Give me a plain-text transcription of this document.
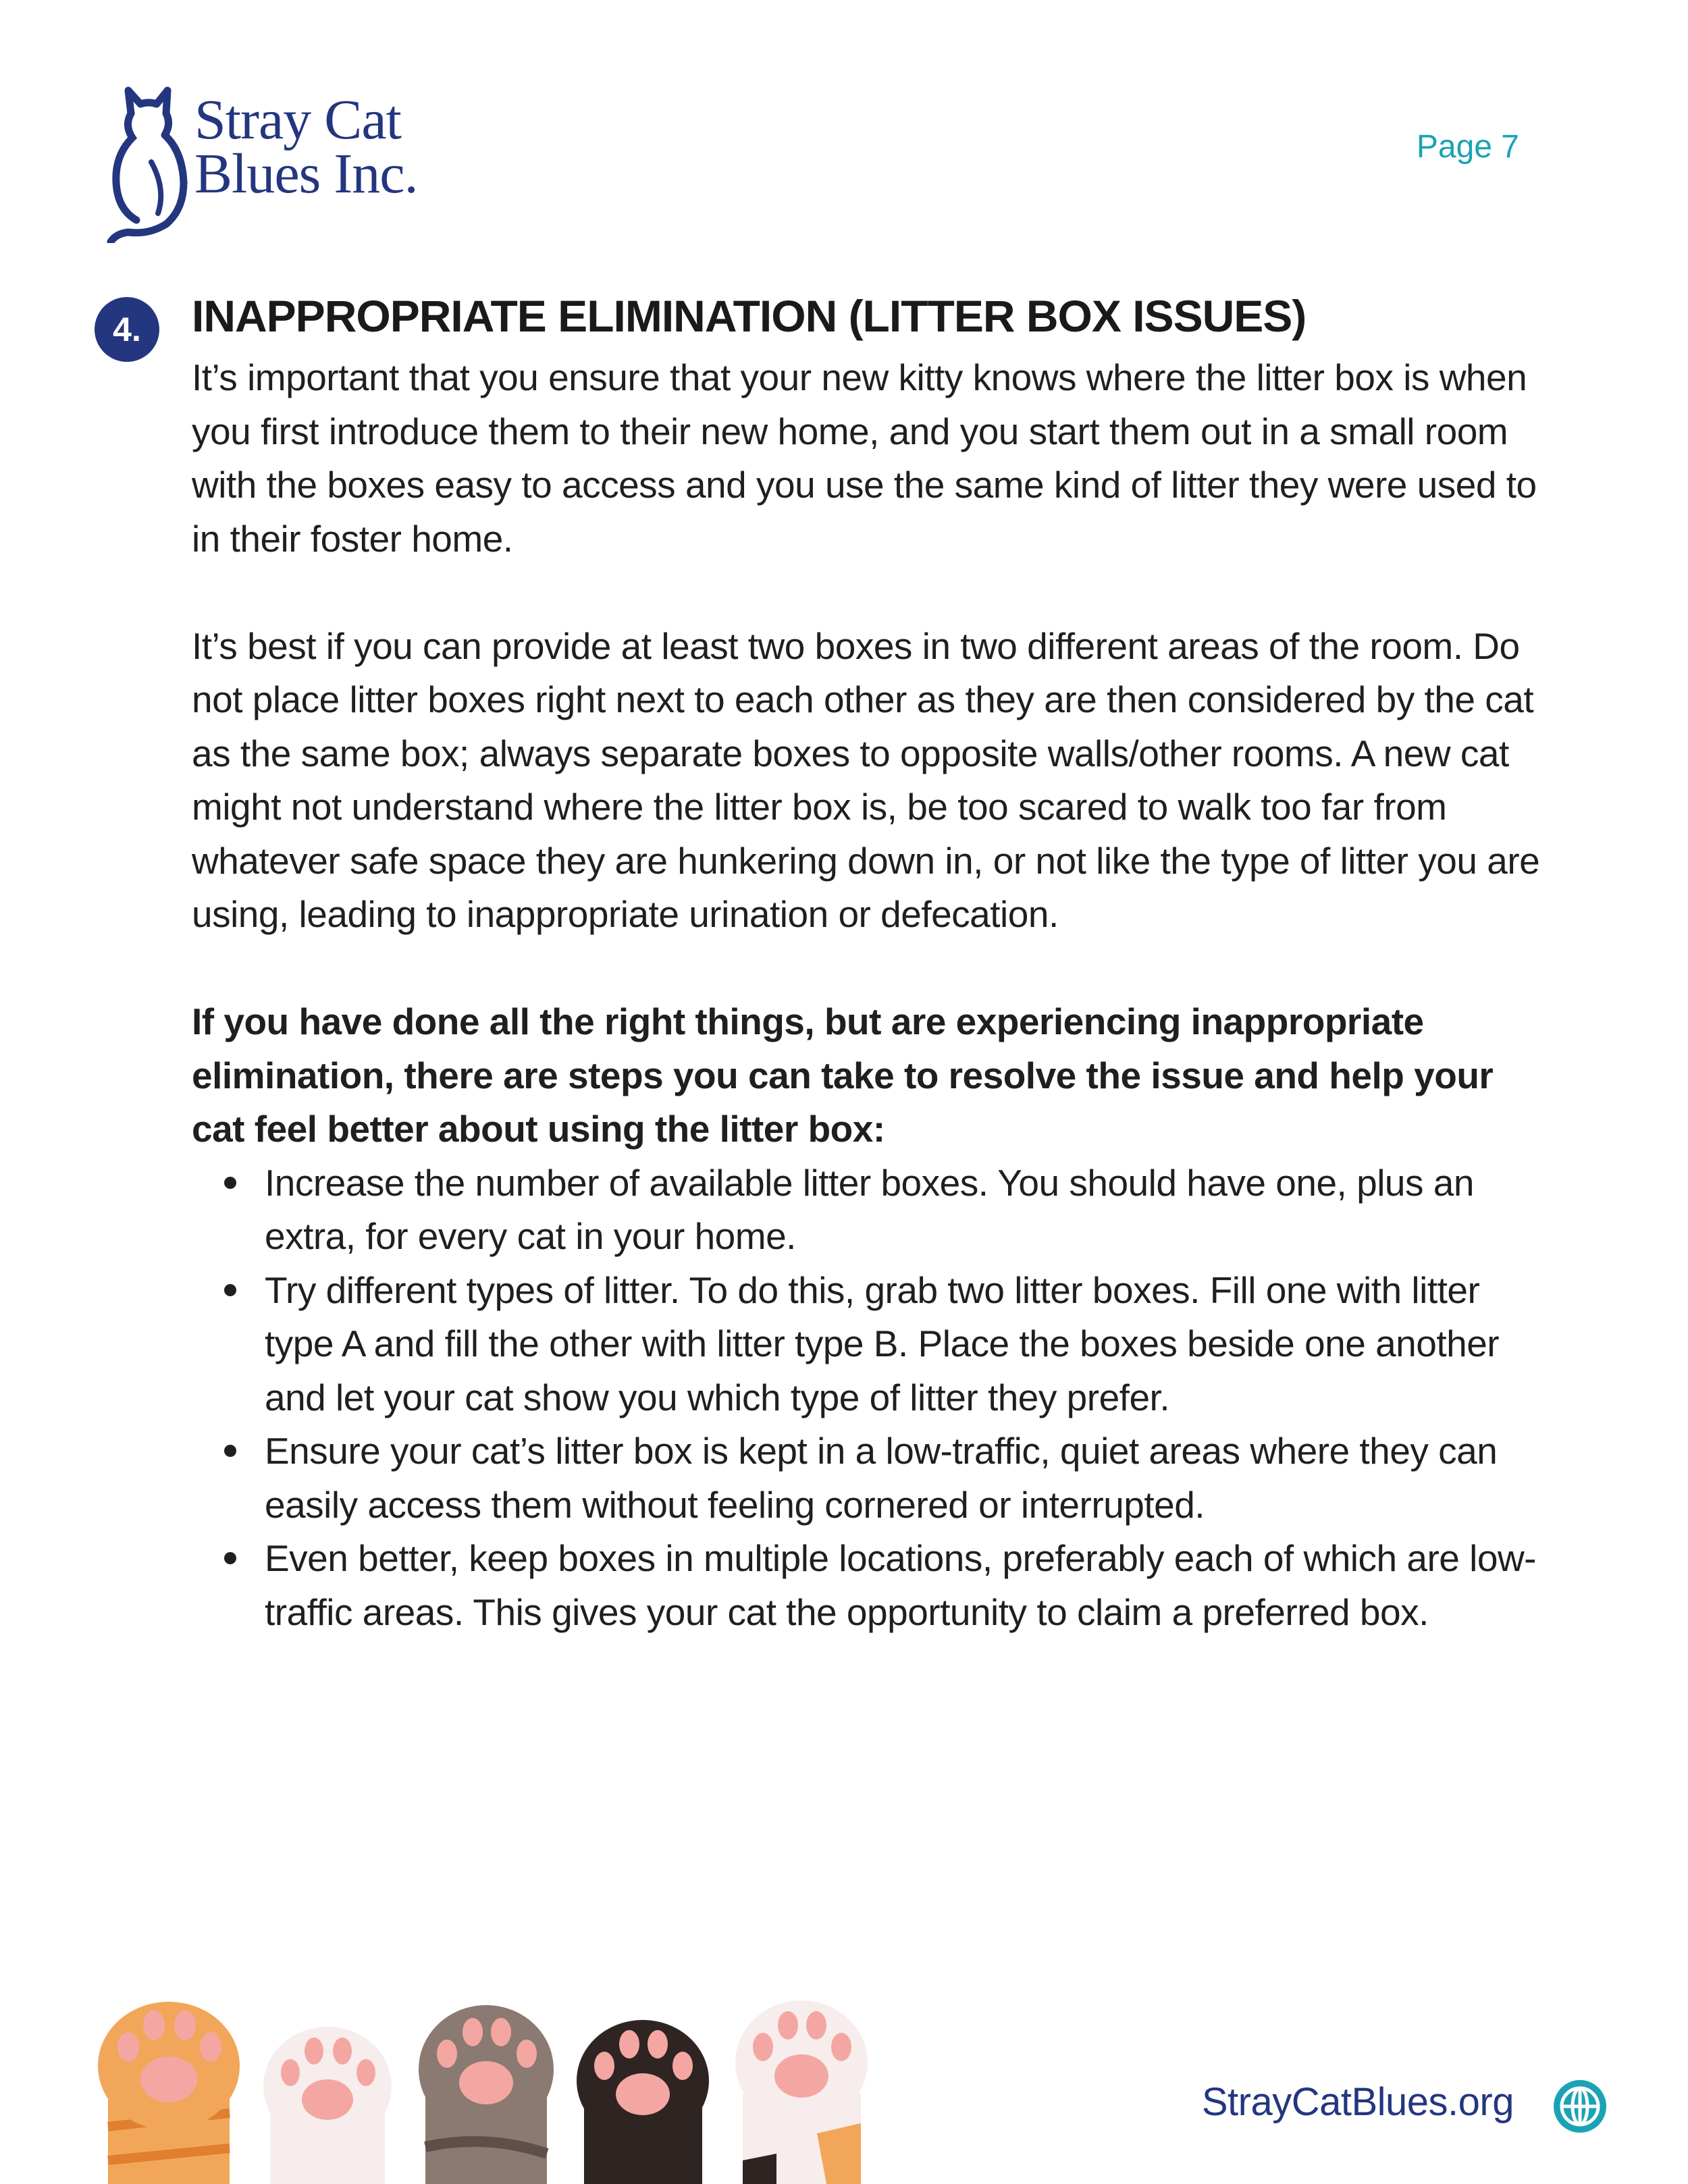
Stray Cat
Blues Inc.	Page 7
4.	INAPPROPRIATE ELIMINATION (LITTER BOX ISSUES)

It’s important that you ensure that your new kitty knows where the litter box is when you first introduce them to their new home, and you start them out in a small room with the boxes easy to access and you use the same kind of litter they were used to in their foster home.

It’s best if you can provide at least two boxes in two different areas of the room. Do not place litter boxes right next to each other as they are then considered by the cat as the same box; always separate boxes to opposite walls/other rooms. A new cat might not understand where the litter box is, be too scared to walk too far from whatever safe space they are hunkering down in, or not like the type of litter you are using, leading to inappropriate urination or defecation.

If you have done all the right things, but are experiencing inappropriate elimination, there are steps you can take to resolve the issue and help your cat feel better about using the litter box:

Increase the number of available litter boxes. You should have one, plus an extra, for every cat in your home.
Try different types of litter. To do this, grab two litter boxes. Fill one with litter type A and fill the other with litter type B. Place the boxes beside one another and let your cat show you which type of litter they prefer.
Ensure your cat’s litter box is kept in a low-traffic, quiet areas where they can easily access them without feeling cornered or interrupted.
Even better, keep boxes in multiple locations, preferably each of which are low-traffic areas. This gives your cat the opportunity to claim a preferred box.
StrayCatBlues.org
